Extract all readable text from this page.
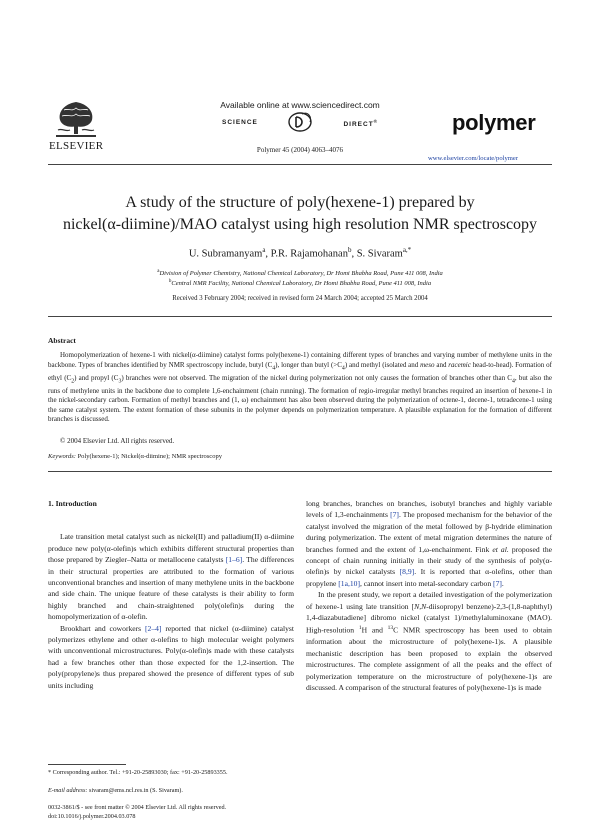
ELSEVIER
Available online at www.sciencedirect.com
SCIENCE	DIRECT®
Polymer 45 (2004) 4063–4076
polymer
www.elsevier.com/locate/polymer
A study of the structure of poly(hexene-1) prepared by
nickel(α-diimine)/MAO catalyst using high resolution NMR spectroscopy
U. Subramanyam$^a$, P.R. Rajamohanan$^b$, S. Sivaram$^{a,*}$
$^a$Division of Polymer Chemistry, National Chemical Laboratory, Dr Homi Bhabha Road, Pune 411 008, India
$^b$Central NMR Facility, National Chemical Laboratory, Dr Homi Bhabha Road, Pune 411 008, India
Received 3 February 2004; received in revised form 24 March 2004; accepted 25 March 2004
Abstract
Homopolymerization of hexene-1 with nickel(α-diimine) catalyst forms poly(hexene-1) containing different types of branches and varying number of methylene units in the backbone. Types of branches identified by NMR spectroscopy include, butyl $(C_4)$, longer than butyl $(>C_4)$ and methyl (isolated and meso and racemic head-to-head). Formation of ethyl $(C_2)$ and propyl $(C_3)$ branches were not observed. The migration of the nickel during polymerization not only causes the formation of branches other than $C_4$, but also the runs of methylene units in the backbone due to complete 1,6-enchainment (chain running). The formation of regio-irregular methyl branches required an insertion of hexene-1 in the nickel-secondary carbon. Formation of methyl branches and (1, ω) enchainment has also been observed during the polymerization of octene-1, decene-1, tetradecene-1 using the same catalyst system. The extent formation of these subunits in the polymer depends on polymerization temperature. A plausible explanation for the formation of different branches is discussed.
© 2004 Elsevier Ltd. All rights reserved.
Keywords: Poly(hexene-1); Nickel(α-diimine); NMR spectroscopy
1. Introduction

Late transition metal catalyst such as nickel(II) and palladium(II) α-diimine produce new poly(α-olefin)s which exhibits different structural properties than those prepared by Ziegler–Natta or metallocene catalysts [1–6]. The differences in their structural properties are attributed to the formation of various unconventional branches and insertion of many methylene units in the backbone and side chain. The unique feature of these catalysts is their ability to form highly branched and chain-straightened poly(olefin)s during the homopolymerization of α-olefin.

Brookhart and coworkers [2–4] reported that nickel (α-diimine) catalyst polymerizes ethylene and other α-olefins to high molecular weight polymers with unconventional microstructures. Poly(α-olefin)s made with these catalysts had a few branches other than those expected for the 1,2-insertion. The poly(propylene)s thus prepared showed the presence of different types of sub units including

long branches, branches on branches, isobutyl branches and highly variable levels of 1,3-enchainments [7]. The proposed mechanism for the behavior of the catalyst involved the migration of the metal followed by β-hydride elimination during polymerization. The extent of metal migration determines the nature of branches formed and the extent of 1,ω-enchainment. Fink et al. proposed the concept of chain running initially in their study of the synthesis of poly(α-olefin)s by nickel catalysts [8,9]. It is reported that α-olefins, other than propylene [1a,10], cannot insert into metal-secondary carbon [7].

In the present study, we report a detailed investigation of the polymerization of hexene-1 using late transition [N,N-diisopropyl benzene)-2,3-(1,8-naphthyl) 1,4-diazabutadiene] dibromo nickel (catalyst 1)/methylaluminoxane (MAO). High-resolution $^1$H and $^{13}$C NMR spectroscopy has been used to obtain information about the microstructure of poly(hexene-1)s. A plausible mechanistic description has been proposed to explain the observed microstructures. The complete assignment of all the peaks and the effect of polymerization temperature on the microstructure of poly(hexene-1)s are discussed. A comparison of the structural features of poly(hexene-1)s is made

* Corresponding author. Tel.: +91-20-25893030; fax: +91-20-25893355.
E-mail address: sivaram@ems.ncl.res.in (S. Sivaram).
0032-3861/$ - see front matter © 2004 Elsevier Ltd. All rights reserved.
doi:10.1016/j.polymer.2004.03.078
